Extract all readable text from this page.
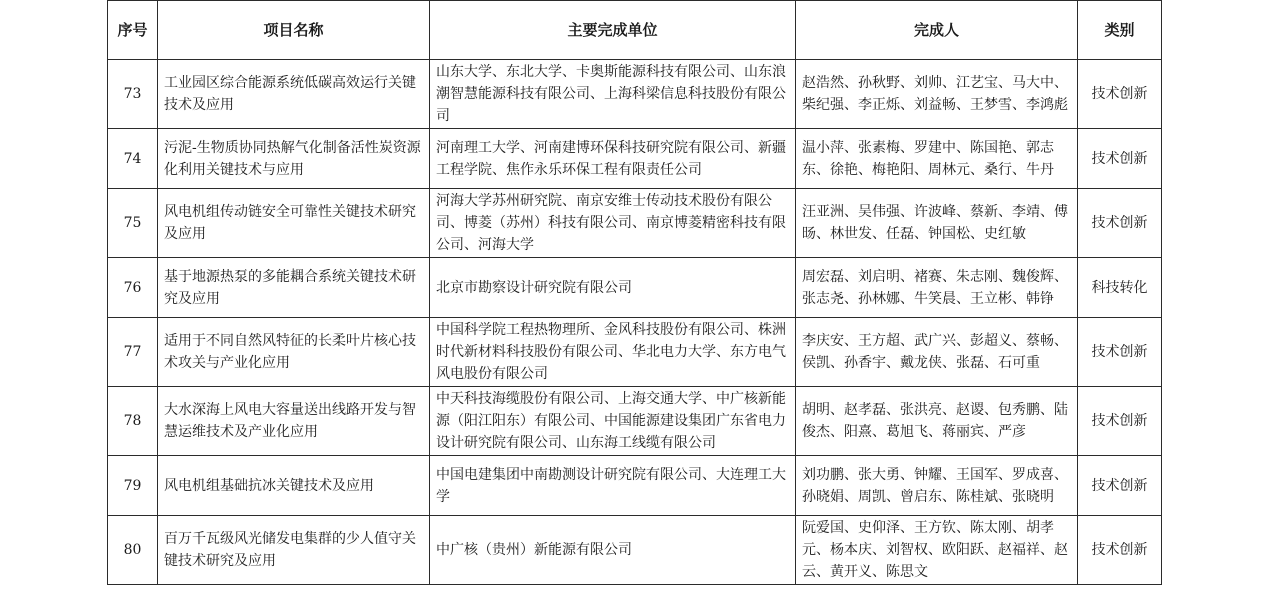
序号	项目名称	主要完成单位	完成人	类别
73	工业园区综合能源系统低碳高效运行关键技术及应用	山东大学、东北大学、卡奥斯能源科技有限公司、山东浪潮智慧能源科技有限公司、上海科梁信息科技股份有限公司	赵浩然、孙秋野、刘帅、江艺宝、马大中、柴纪强、李正烁、刘益畅、王梦雪、李鸿彪	技术创新
74	污泥-生物质协同热解气化制备活性炭资源化利用关键技术与应用	河南理工大学、河南建博环保科技研究院有限公司、新疆工程学院、焦作永乐环保工程有限责任公司	温小萍、张素梅、罗建中、陈国艳、郭志东、徐艳、梅艳阳、周林元、桑行、牛丹	技术创新
75	风电机组传动链安全可靠性关键技术研究及应用	河海大学苏州研究院、南京安维士传动技术股份有限公司、博菱（苏州）科技有限公司、南京博菱精密科技有限公司、河海大学	汪亚洲、吴伟强、许波峰、蔡新、李靖、傅旸、林世发、任磊、钟国松、史红敏	技术创新
76	基于地源热泵的多能耦合系统关键技术研究及应用	北京市勘察设计研究院有限公司	周宏磊、刘启明、褚赛、朱志刚、魏俊辉、张志尧、孙林娜、牛笑晨、王立彬、韩铮	科技转化
77	适用于不同自然风特征的长柔叶片核心技术攻关与产业化应用	中国科学院工程热物理所、金风科技股份有限公司、株洲时代新材料科技股份有限公司、华北电力大学、东方电气风电股份有限公司	李庆安、王方超、武广兴、彭超义、蔡畅、侯凯、孙香宇、戴龙侠、张磊、石可重	技术创新
78	大水深海上风电大容量送出线路开发与智慧运维技术及产业化应用	中天科技海缆股份有限公司、上海交通大学、中广核新能源（阳江阳东）有限公司、中国能源建设集团广东省电力设计研究院有限公司、山东海工线缆有限公司	胡明、赵孝磊、张洪亮、赵谡、包秀鹏、陆俊杰、阳熹、葛旭飞、蒋丽宾、严彦	技术创新
79	风电机组基础抗冰关键技术及应用	中国电建集团中南勘测设计研究院有限公司、大连理工大学	刘功鹏、张大勇、钟耀、王国军、罗成喜、孙晓娟、周凯、曾启东、陈桂斌、张晓明	技术创新
80	百万千瓦级风光储发电集群的少人值守关键技术研究及应用	中广核（贵州）新能源有限公司	阮爱国、史仰泽、王方钦、陈太刚、胡孝元、杨本庆、刘智权、欧阳跃、赵福祥、赵云、黄开义、陈思文	技术创新
